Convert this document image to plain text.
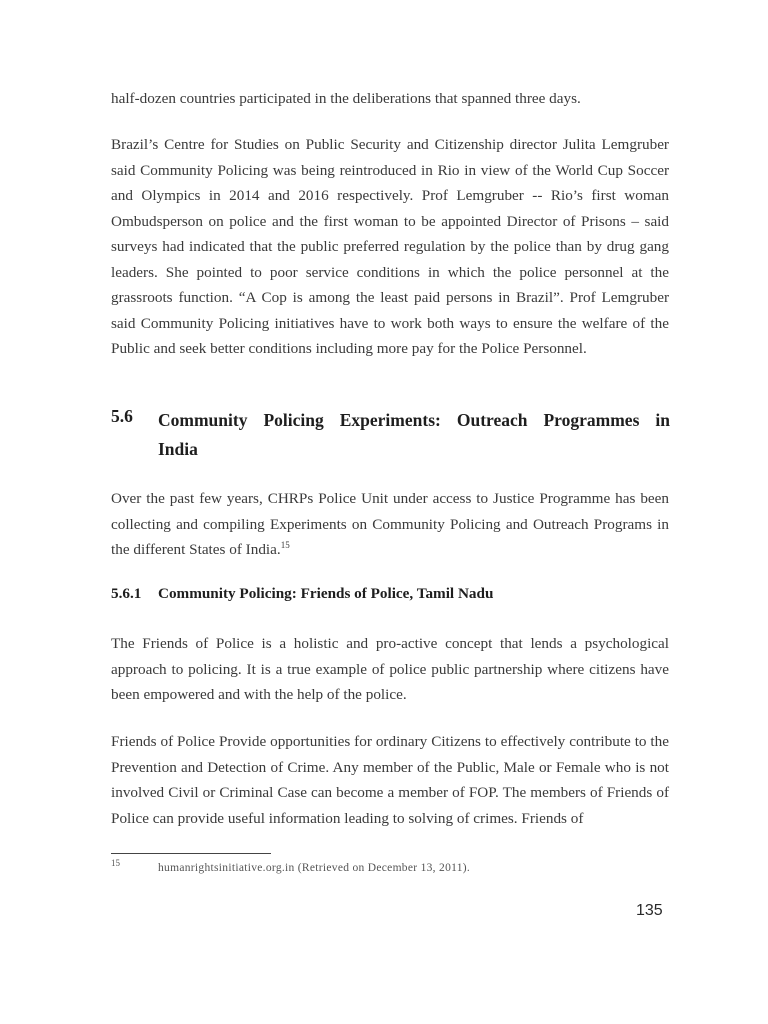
half-dozen countries participated in the deliberations that spanned three days.

Brazil’s Centre for Studies on Public Security and Citizenship director Julita Lemgruber said Community Policing was being reintroduced in Rio in view of the World Cup Soccer and Olympics in 2014 and 2016 respectively. Prof Lemgruber -- Rio’s first woman Ombudsperson on police and the first woman to be appointed Director of Prisons – said surveys had indicated that the public preferred regulation by the police than by drug gang leaders. She pointed to poor service conditions in which the police personnel at the grassroots function. “A Cop is among the least paid persons in Brazil”. Prof Lemgruber said Community Policing initiatives have to work both ways to ensure the welfare of the Public and seek better conditions including more pay for the Police Personnel.

5.6 Community Policing Experiments: Outreach Programmes in
India

Over the past few years, CHRPs Police Unit under access to Justice Programme has been collecting and compiling Experiments on Community Policing and Outreach Programs in the different States of India.$^{15}$

5.6.1 Community Policing: Friends of Police, Tamil Nadu

The Friends of Police is a holistic and pro-active concept that lends a psychological approach to policing. It is a true example of police public partnership where citizens have been empowered and with the help of the police.

Friends of Police Provide opportunities for ordinary Citizens to effectively contribute to the Prevention and Detection of Crime. Any member of the Public, Male or Female who is not involved Civil or Criminal Case can become a member of FOP. The members of Friends of Police can provide useful information leading to solving of crimes. Friends of

15	humanrightsinitiative.org.in (Retrieved on December 13, 2011).
135
